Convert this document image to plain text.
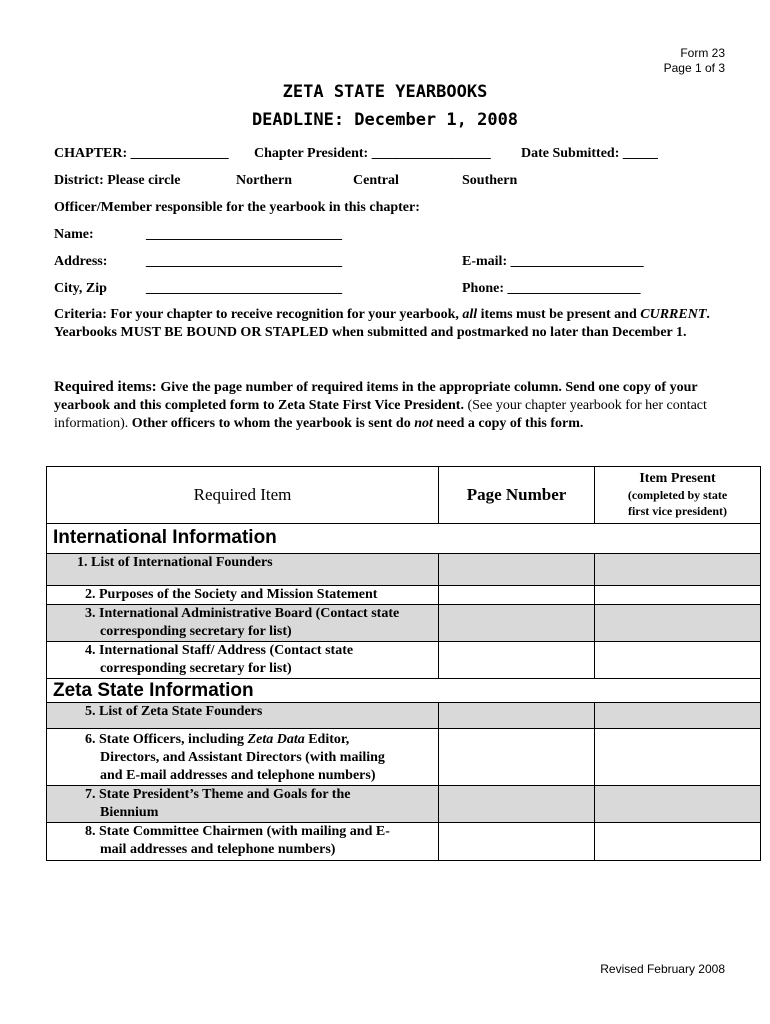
Form 23
Page 1 of 3
ZETA STATE YEARBOOKS
DEADLINE: December 1, 2008
CHAPTER: ______________ Chapter President: _________________ Date Submitted: _____
District: Please circle	Northern	Central	Southern
Officer/Member responsible for the yearbook in this chapter:
Name:	____________________________
Address:	____________________________	E-mail: ___________________
City, Zip	____________________________	Phone: ___________________
Criteria: For your chapter to receive recognition for your yearbook, all items must be present and CURRENT. Yearbooks MUST BE BOUND OR STAPLED when submitted and postmarked no later than December 1.
Required items: Give the page number of required items in the appropriate column. Send one copy of your yearbook and this completed form to Zeta State First Vice President. (See your chapter yearbook for her contact information). Other officers to whom the yearbook is sent do not need a copy of this form.
Required Item	Page Number	Item Present
(completed by state
first vice president)

International Information		
1. List of International Founders		
2. Purposes of the Society and Mission Statement		
3. International Administrative Board (Contact state
corresponding secretary for list)		

4. International Staff/ Address (Contact state
corresponding secretary for list)		

Zeta State Information		
5. List of Zeta State Founders		
6. State Officers, including Zeta Data Editor,
Directors, and Assistant Directors (with mailing
and E-mail addresses and telephone numbers)		

7. State President’s Theme and Goals for the
Biennium		

8. State Committee Chairmen (with mailing and E-
mail addresses and telephone numbers)		

Revised February 2008
